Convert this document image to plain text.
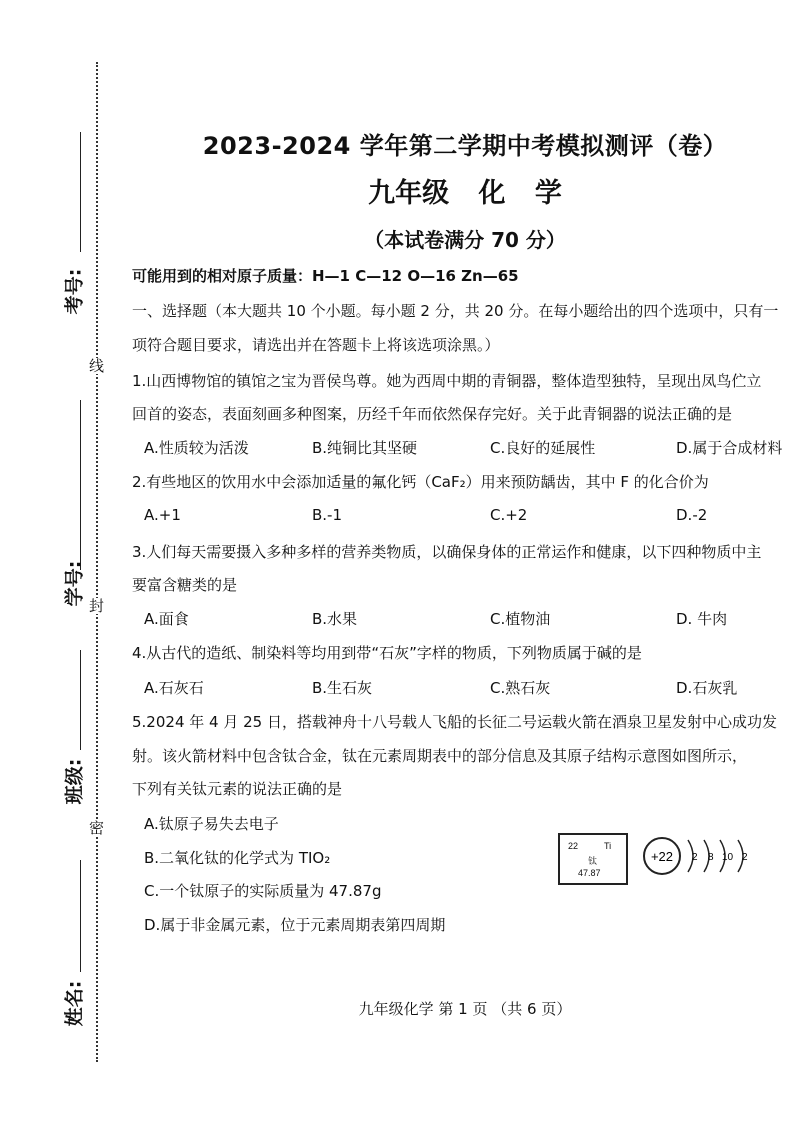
线
封
密
考号:
学号:
班级:
姓名:
2023-2024 学年第二学期中考模拟测评（卷）
九年级 化 学
（本试卷满分 70 分）
可能用到的相对原子质量：H—1 C—12 O—16 Zn—65
一、选择题（本大题共 10 个小题。每小题 2 分，共 20 分。在每小题给出的四个选项中，只有一
项符合题目要求，请选出并在答题卡上将该选项涂黑。）
1.山西博物馆的镇馆之宝为晋侯鸟尊。她为西周中期的青铜器，整体造型独特，呈现出凤鸟伫立
回首的姿态，表面刻画多种图案，历经千年而依然保存完好。关于此青铜器的说法正确的是
A.性质较为活泼	B.纯铜比其坚硬	C.良好的延展性	D.属于合成材料
2.有些地区的饮用水中会添加适量的氟化钙（CaF₂）用来预防龋齿，其中 F 的化合价为
A.+1	B.-1	C.+2	D.-2
3.人们每天需要摄入多种多样的营养类物质，以确保身体的正常运作和健康，以下四种物质中主
要富含糖类的是
A.面食	B.水果	C.植物油	D. 牛肉
4.从古代的造纸、制染料等均用到带“石灰”字样的物质，下列物质属于碱的是
A.石灰石	B.生石灰	C.熟石灰	D.石灰乳
5.2024 年 4 月 25 日，搭载神舟十八号载人飞船的长征二号运载火箭在酒泉卫星发射中心成功发
射。该火箭材料中包含钛合金，钛在元素周期表中的部分信息及其原子结构示意图如图所示，
下列有关钛元素的说法正确的是
A.钛原子易失去电子
B.二氧化钛的化学式为 TIO₂
C.一个钛原子的实际质量为 47.87g
D.属于非金属元素，位于元素周期表第四周期
22	Ti
钛
47.87
+22 2 8 10 2
九年级化学 第 1 页 （共 6 页）
